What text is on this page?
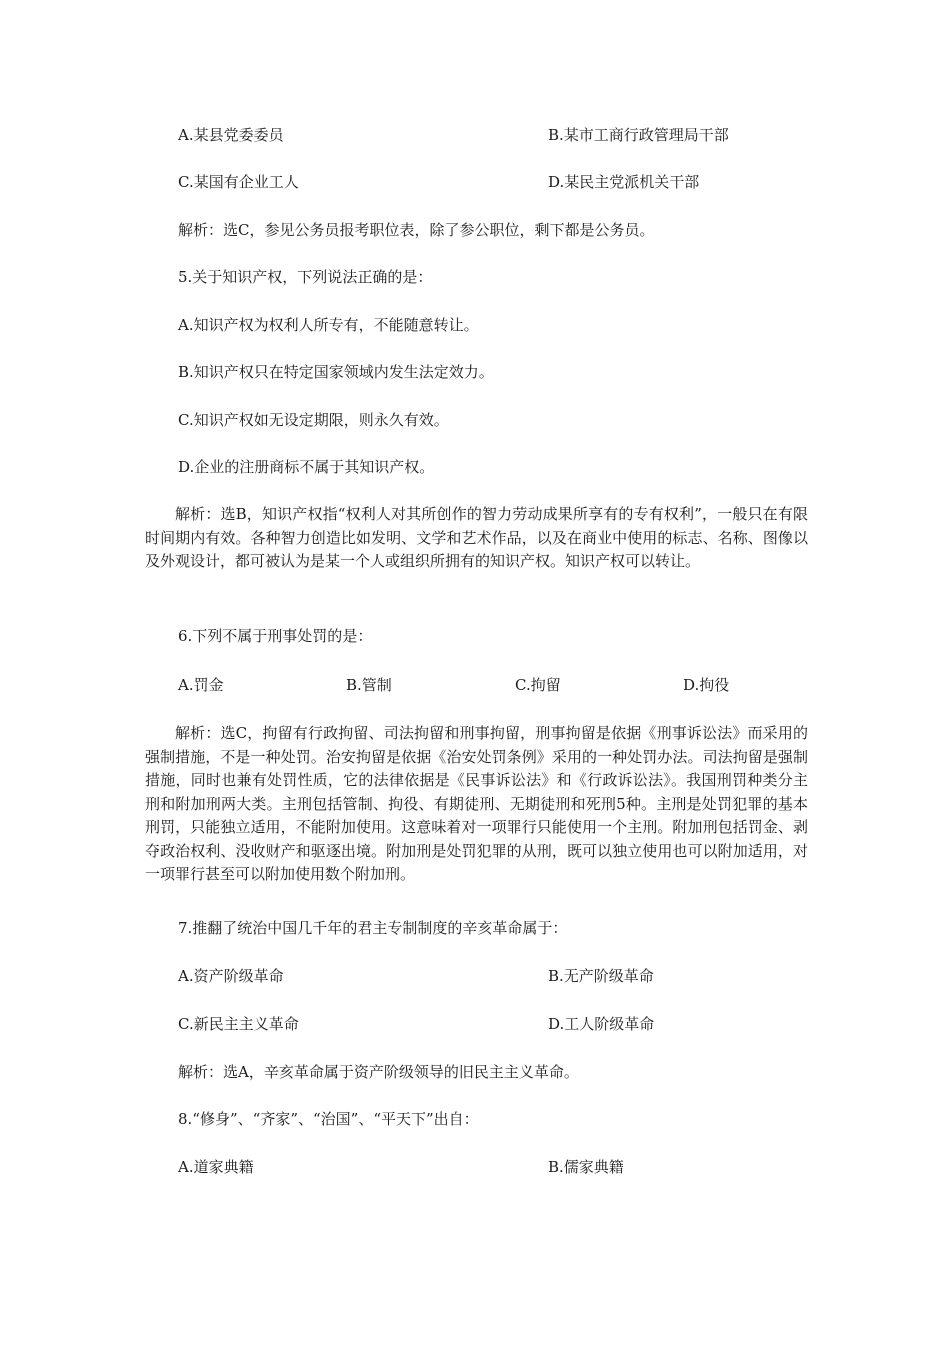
A.某县党委委员	B.某市工商行政管理局干部
C.某国有企业工人	D.某民主党派机关干部
解析：选C，参见公务员报考职位表，除了参公职位，剩下都是公务员。
5.关于知识产权，下列说法正确的是：
A.知识产权为权利人所专有，不能随意转让。
B.知识产权只在特定国家领域内发生法定效力。
C.知识产权如无设定期限，则永久有效。
D.企业的注册商标不属于其知识产权。
解析：选B，知识产权指“权利人对其所创作的智力劳动成果所享有的专有权利”，一般只在有限时间期内有效。各种智力创造比如发明、文学和艺术作品，以及在商业中使用的标志、名称、图像以及外观设计，都可被认为是某一个人或组织所拥有的知识产权。知识产权可以转让。
6.下列不属于刑事处罚的是：
A.罚金	B.管制	C.拘留	D.拘役
解析：选C，拘留有行政拘留、司法拘留和刑事拘留，刑事拘留是依据《刑事诉讼法》而采用的强制措施，不是一种处罚。治安拘留是依据《治安处罚条例》采用的一种处罚办法。司法拘留是强制措施，同时也兼有处罚性质，它的法律依据是《民事诉讼法》和《行政诉讼法》。我国刑罚种类分主刑和附加刑两大类。主刑包括管制、拘役、有期徒刑、无期徒刑和死刑5种。主刑是处罚犯罪的基本刑罚，只能独立适用，不能附加使用。这意味着对一项罪行只能使用一个主刑。附加刑包括罚金、剥夺政治权利、没收财产和驱逐出境。附加刑是处罚犯罪的从刑，既可以独立使用也可以附加适用，对一项罪行甚至可以附加使用数个附加刑。
7.推翻了统治中国几千年的君主专制制度的辛亥革命属于：
A.资产阶级革命	B.无产阶级革命
C.新民主主义革命	D.工人阶级革命
解析：选A，辛亥革命属于资产阶级领导的旧民主主义革命。
8.“修身”、“齐家”、“治国”、“平天下”出自：
A.道家典籍	B.儒家典籍
